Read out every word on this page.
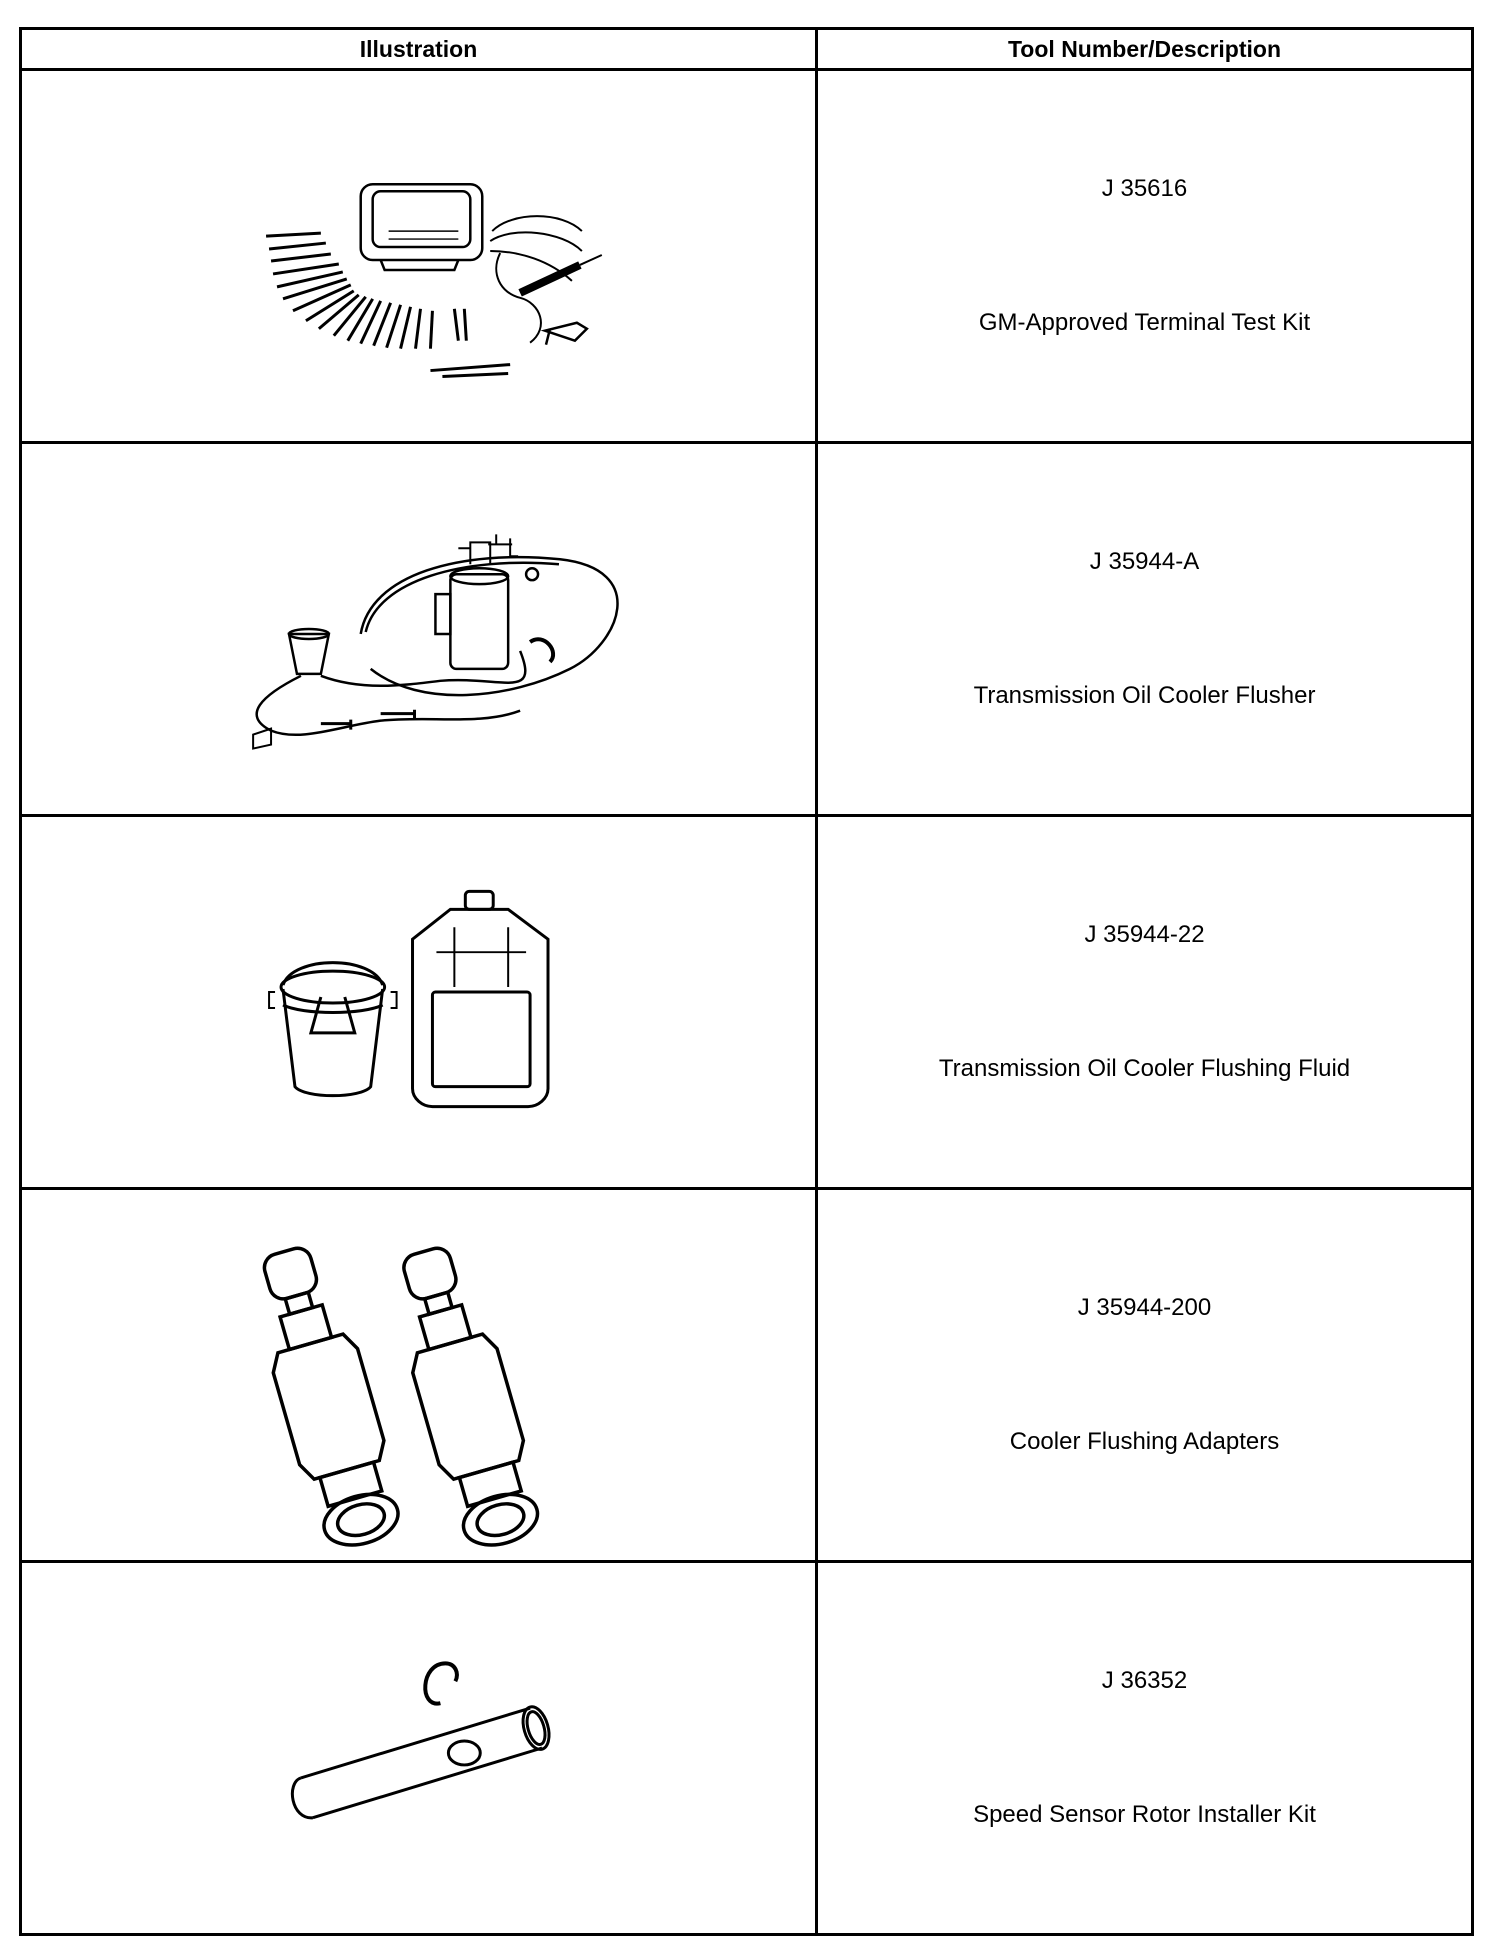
Illustration	Tool Number/Description

J 35616
GM-Approved Terminal Test Kit

J 35944-A
Transmission Oil Cooler Flusher

J 35944-22
Transmission Oil Cooler Flushing Fluid

J 35944-200
Cooler Flushing Adapters

J 36352
Speed Sensor Rotor Installer Kit
